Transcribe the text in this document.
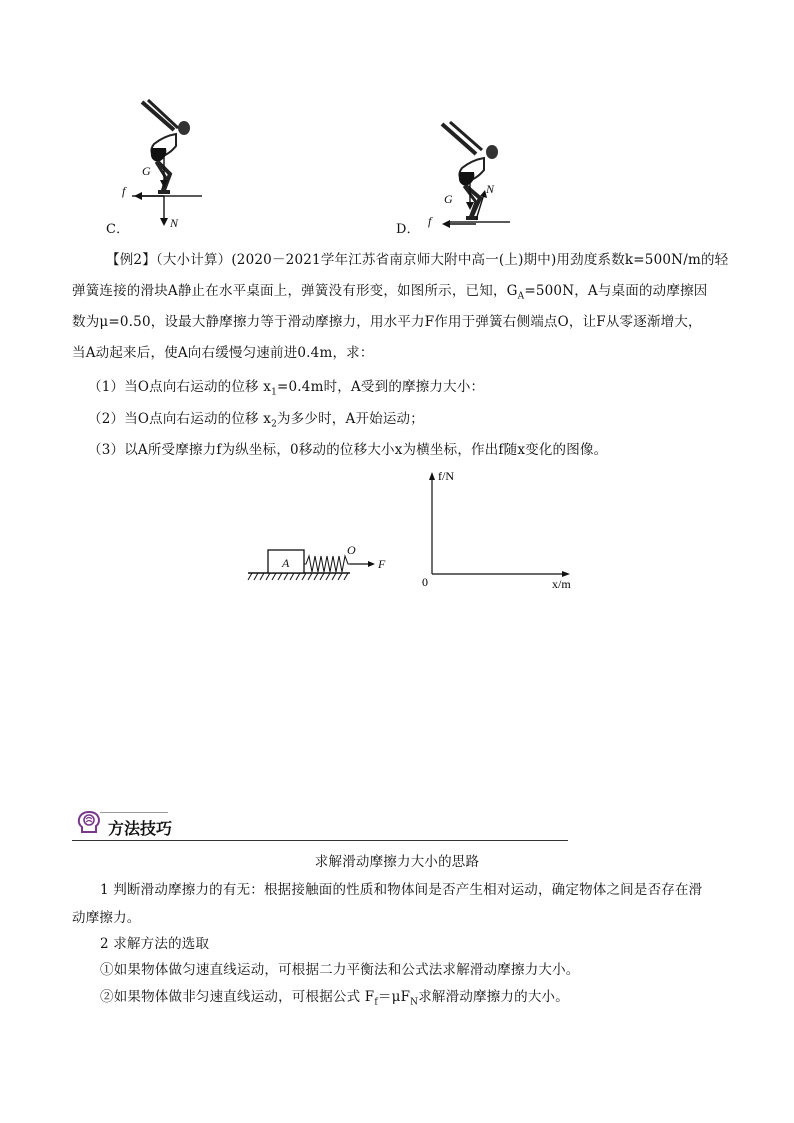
G
f
N
C．
G
N
f
D．
【例2】（大小计算）(2020－2021学年江苏省南京师大附中高一(上)期中)用劲度系数k=500N/m的轻
弹簧连接的滑块A静止在水平桌面上，弹簧没有形变，如图所示，已知，$G_A=500N$，A与桌面的动摩擦因
数为μ=0.50，设最大静摩擦力等于滑动摩擦力，用水平力F作用于弹簧右侧端点O，让F从零逐渐增大，
当A动起来后，使A向右缓慢匀速前进0.4m，求：
（1）当O点向右运动的位移 $x_1=0.4m$时，A受到的摩擦力大小：
（2）当O点向右运动的位移 $x_2$为多少时，A开始运动；
（3）以A所受摩擦力f为纵坐标，0移动的位移大小x为横坐标，作出f随x变化的图像。
A
O
F
f/N
x/m
0
方法技巧
求解滑动摩擦力大小的思路
1 判断滑动摩擦力的有无：根据接触面的性质和物体间是否产生相对运动，确定物体之间是否存在滑
动摩擦力。
2 求解方法的选取
①如果物体做匀速直线运动，可根据二力平衡法和公式法求解滑动摩擦力大小。
②如果物体做非匀速直线运动，可根据公式 $F_f=\mu F_N$求解滑动摩擦力的大小。
